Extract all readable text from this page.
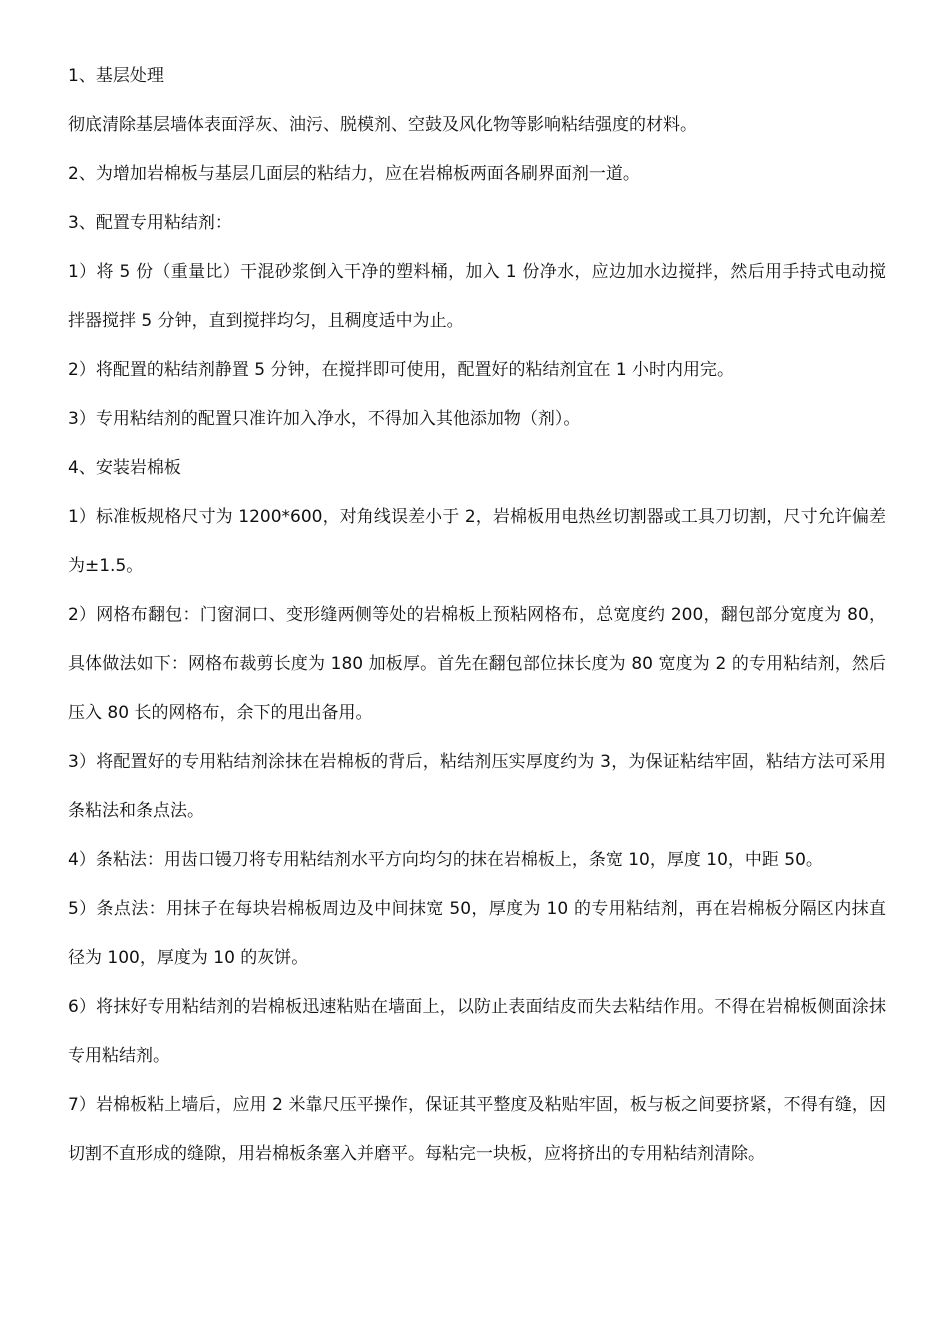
1、基层处理

彻底清除基层墙体表面浮灰、油污、脱模剂、空鼓及风化物等影响粘结强度的材料。

2、为增加岩棉板与基层几面层的粘结力，应在岩棉板两面各刷界面剂一道。

3、配置专用粘结剂：

1）将 5 份（重量比）干混砂浆倒入干净的塑料桶，加入 1 份净水，应边加水边搅拌，然后用手持式电动搅拌器搅拌 5 分钟，直到搅拌均匀，且稠度适中为止。

2）将配置的粘结剂静置 5 分钟，在搅拌即可使用，配置好的粘结剂宜在 1 小时内用完。

3）专用粘结剂的配置只准许加入净水，不得加入其他添加物（剂）。

4、安装岩棉板

1）标准板规格尺寸为 1200*600，对角线误差小于 2，岩棉板用电热丝切割器或工具刀切割，尺寸允许偏差为±1.5。

2）网格布翻包：门窗洞口、变形缝两侧等处的岩棉板上预粘网格布，总宽度约 200，翻包部分宽度为 80，具体做法如下：网格布裁剪长度为 180 加板厚。首先在翻包部位抹长度为 80 宽度为 2 的专用粘结剂，然后压入 80 长的网格布，余下的甩出备用。

3）将配置好的专用粘结剂涂抹在岩棉板的背后，粘结剂压实厚度约为 3，为保证粘结牢固，粘结方法可采用条粘法和条点法。

4）条粘法：用齿口镘刀将专用粘结剂水平方向均匀的抹在岩棉板上，条宽 10，厚度 10，中距 50。

5）条点法：用抹子在每块岩棉板周边及中间抹宽 50，厚度为 10 的专用粘结剂，再在岩棉板分隔区内抹直径为 100，厚度为 10 的灰饼。

6）将抹好专用粘结剂的岩棉板迅速粘贴在墙面上，以防止表面结皮而失去粘结作用。不得在岩棉板侧面涂抹专用粘结剂。

7）岩棉板粘上墙后，应用 2 米靠尺压平操作，保证其平整度及粘贴牢固，板与板之间要挤紧，不得有缝，因切割不直形成的缝隙，用岩棉板条塞入并磨平。每粘完一块板，应将挤出的专用粘结剂清除。
